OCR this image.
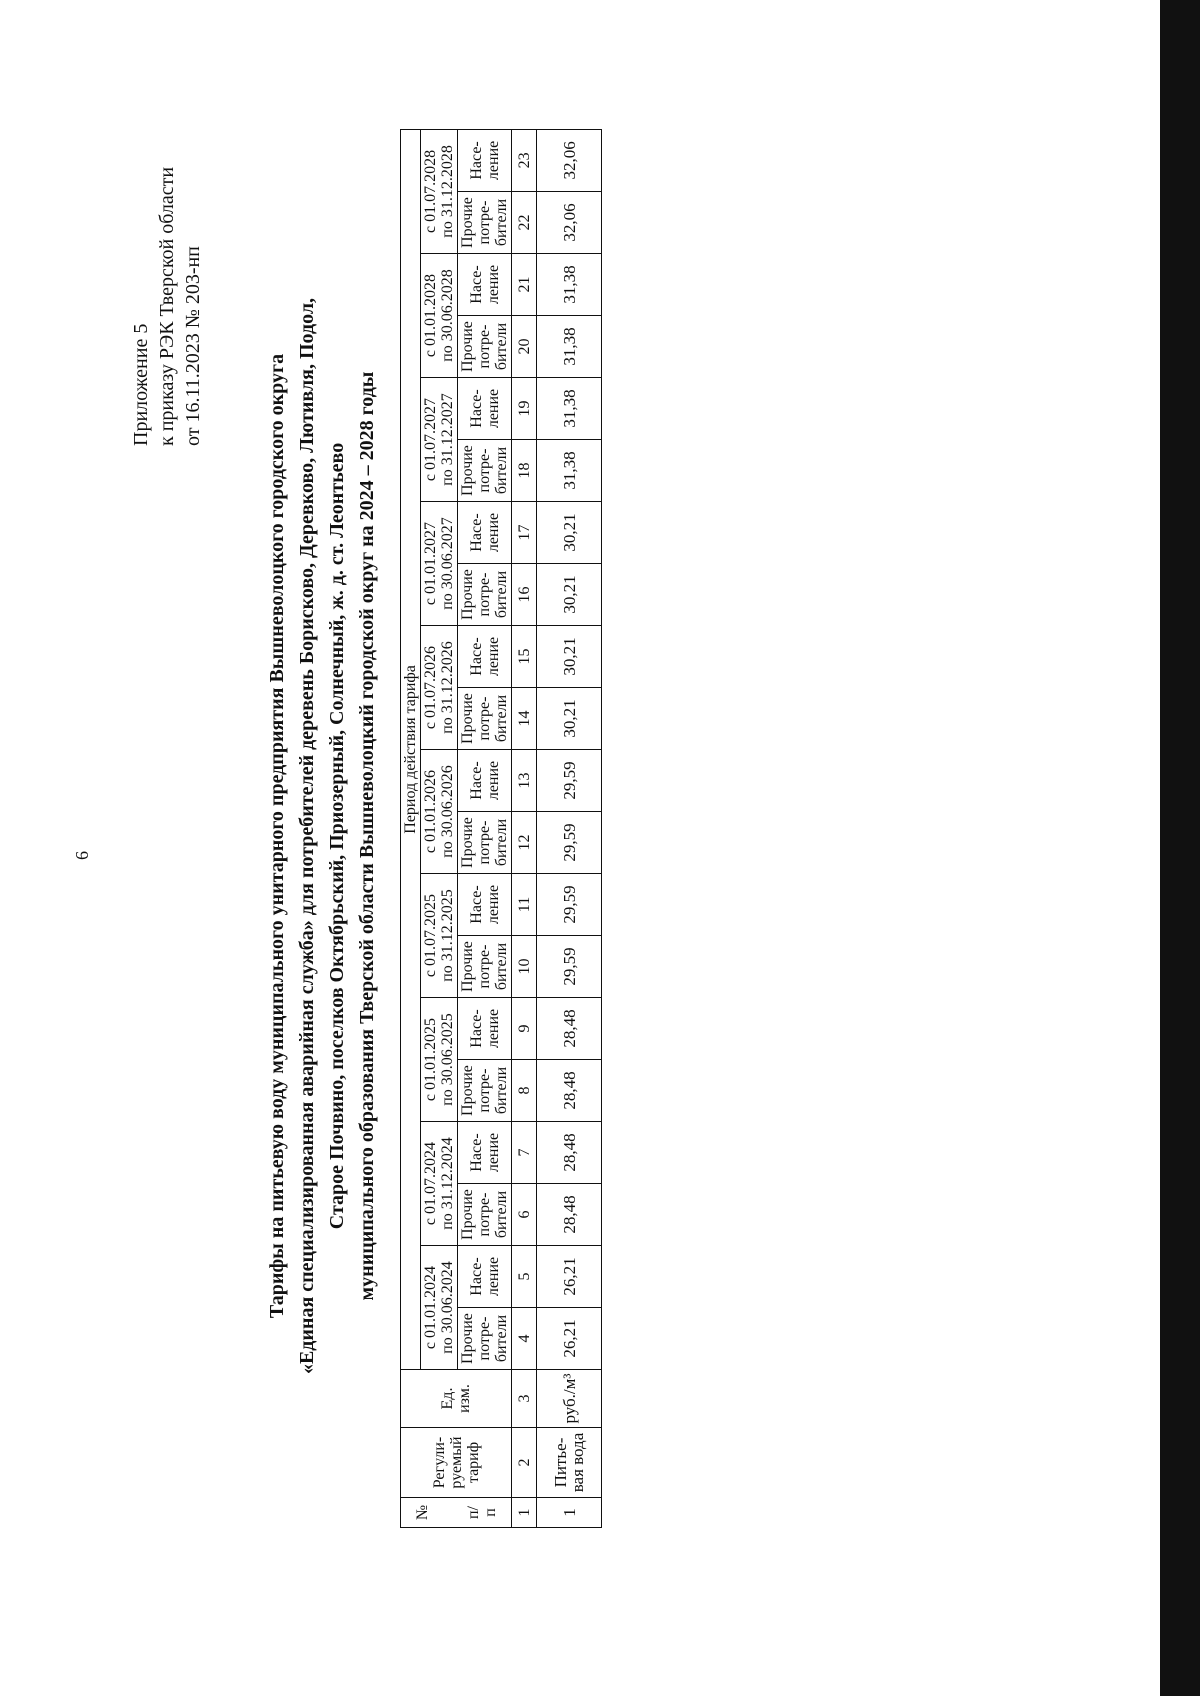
6
Приложение 5 к приказу РЭК Тверской области от 16.11.2023 № 203-нп
Тарифы на питьевую воду муниципального унитарного предприятия Вышневолоцкого городского округа «Единая специализированная аварийная служба» для потребителей деревень Борисково, Деревково, Лютивля, Подол, Старое Почвино, поселков Октябрьский, Приозерный, Солнечный, ж. д. ст. Леонтьево муниципального образования Тверской области Вышневолоцкий городской округ на 2024 – 2028 годы
№ п/ п	Регули-руемый тариф	Ед. изм.	Период действия тарифа																			

			с 01.01.2024 по 30.06.2024		с 01.07.2024 по 31.12.2024		с 01.01.2025 по 30.06.2025		с 01.07.2025 по 31.12.2025		с 01.01.2026 по 30.06.2026		с 01.07.2026 по 31.12.2026		с 01.01.2027 по 30.06.2027		с 01.07.2027 по 31.12.2027		с 01.01.2028 по 30.06.2028		с 01.07.2028 по 31.12.2028	

			Прочие потре-бители	Насе-ление	Прочие потре-бители	Насе-ление	Прочие потре-бители	Насе-ление	Прочие потре-бители	Насе-ление	Прочие потре-бители	Насе-ление	Прочие потре-бители	Насе-ление	Прочие потре-бители	Насе-ление	Прочие потре-бители	Насе-ление	Прочие потре-бители	Насе-ление	Прочие потре-бители	Насе-ление
1	2	3	4	5	6	7	8	9	10	11	12	13	14	15	16	17	18	19	20	21	22	23
1	Питье-вая вода	руб./м³	26,21	26,21	28,48	28,48	28,48	28,48	29,59	29,59	29,59	29,59	30,21	30,21	30,21	30,21	31,38	31,38	31,38	31,38	32,06	32,06
